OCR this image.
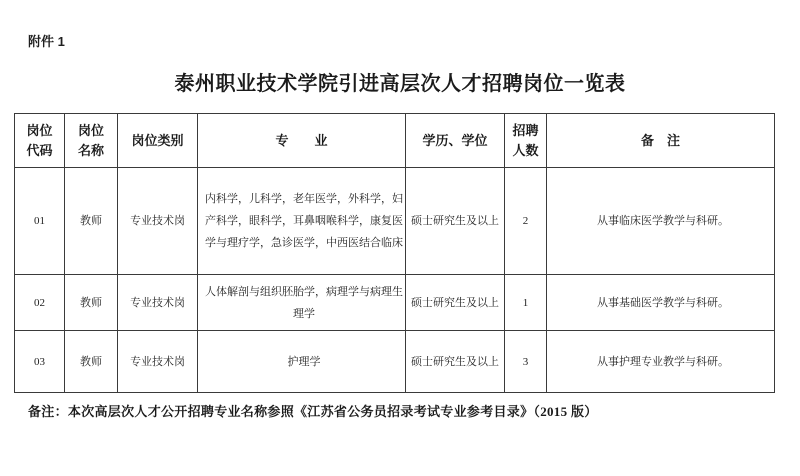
附件 1
泰州职业技术学院引进高层次人才招聘岗位一览表
岗位代码	岗位名称	岗位类别	专　　业	学历、学位	招聘人数	备　注
01	教师	专业技术岗	内科学，儿科学，老年医学，外科学，妇产科学，眼科学，耳鼻咽喉科学，康复医学与理疗学，急诊医学，中西医结合临床	硕士研究生及以上	2	从事临床医学教学与科研。
02	教师	专业技术岗	人体解剖与组织胚胎学，病理学与病理生理学	硕士研究生及以上	1	从事基础医学教学与科研。
03	教师	专业技术岗	护理学	硕士研究生及以上	3	从事护理专业教学与科研。
备注：本次高层次人才公开招聘专业名称参照《江苏省公务员招录考试专业参考目录》（2015 版）
